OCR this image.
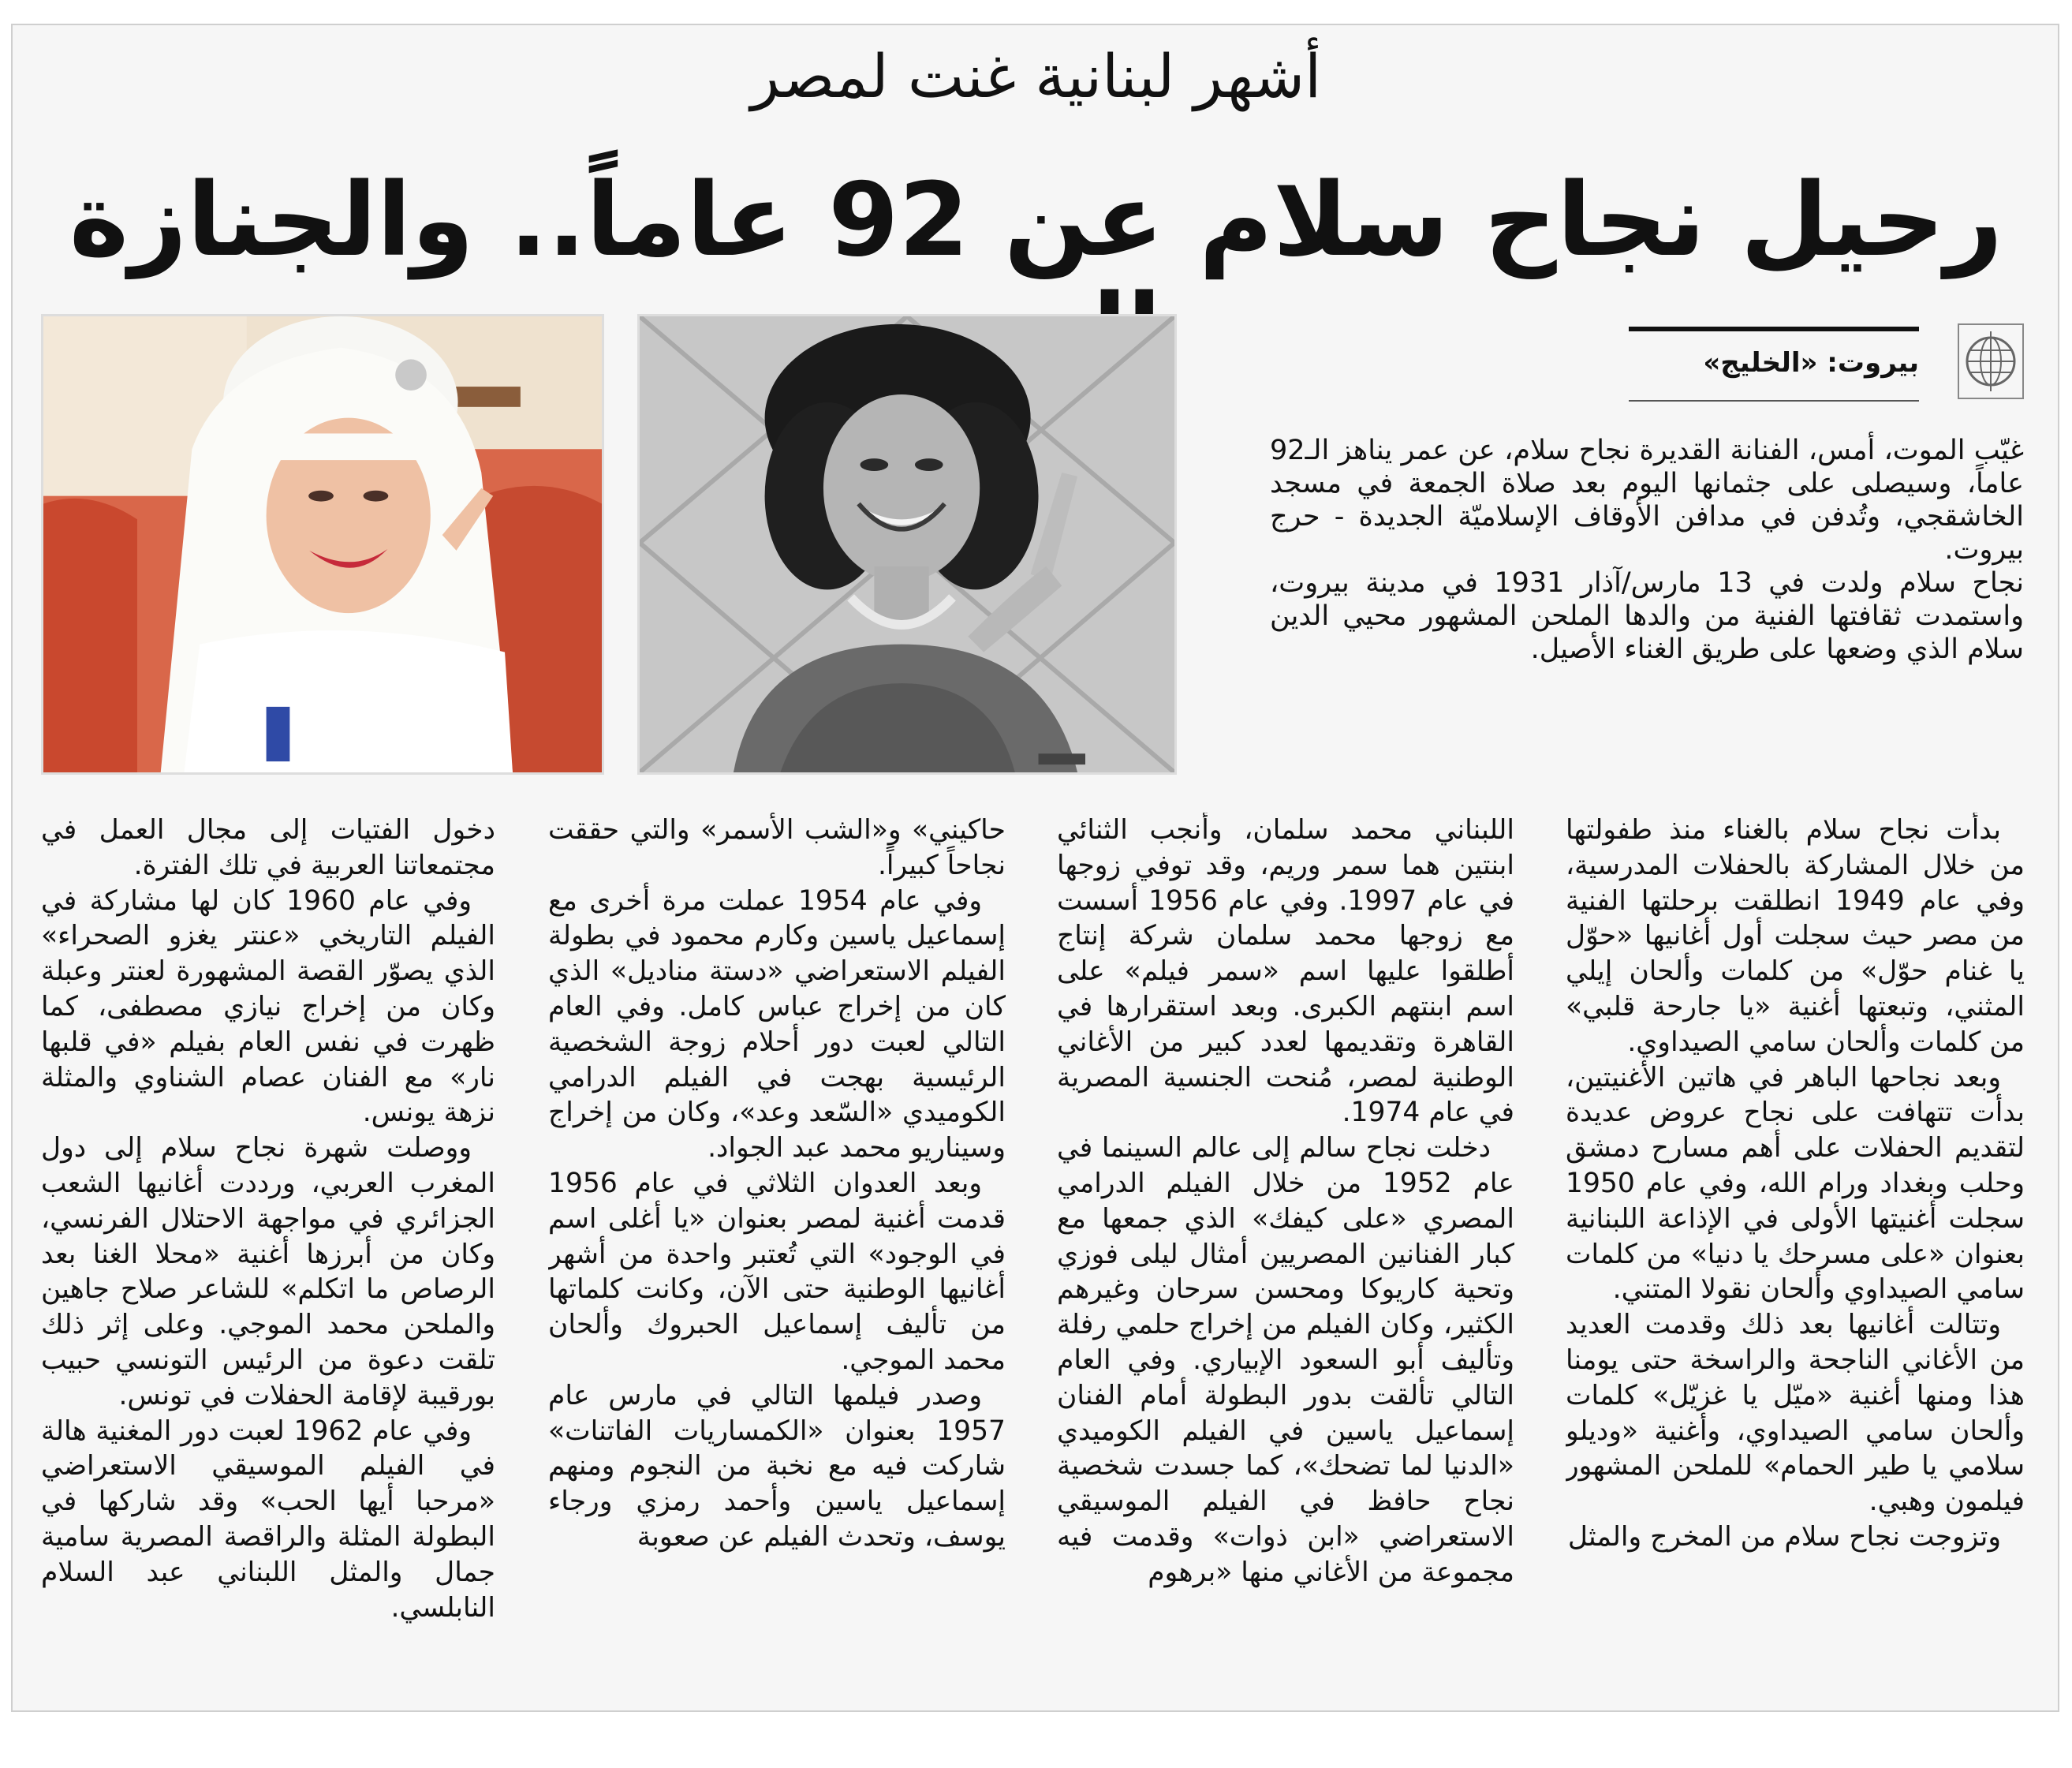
أشهر لبنانية غنت لمصر
رحيل نجاح سلام عن 92 عاماً.. والجنازة
بيروت: «الخليج»

غيّب الموت، أمس، الفنانة القديرة نجاح سلام، عن عمر يناهز الـ92 عاماً، وسيصلى على جثمانها اليوم بعد صلاة الجمعة في مسجد الخاشقجي، وتُدفن في مدافن الأوقاف الإسلاميّة الجديدة - حرج بيروت.

نجاح سلام ولدت في 13 مارس/آذار 1931 في مدينة بيروت، واستمدت ثقافتها الفنية من والدها الملحن المشهور محيي الدين سلام الذي وضعها على طريق الغناء الأصيل.

بدأت نجاح سلام بالغناء منذ طفولتها من خلال المشاركة بالحفلات المدرسية، وفي عام 1949 انطلقت برحلتها الفنية من مصر حيث سجلت أول أغانيها «حوّل يا غنام حوّل» من كلمات وألحان إيلي المثني، وتبعتها أغنية «يا جارحة قلبي» من كلمات وألحان سامي الصيداوي.

وبعد نجاحها الباهر في هاتين الأغنيتين، بدأت تتهافت على نجاح عروض عديدة لتقديم الحفلات على أهم مسارح دمشق وحلب وبغداد ورام الله، وفي عام 1950 سجلت أغنيتها الأولى في الإذاعة اللبنانية بعنوان «على مسرحك يا دنيا» من كلمات سامي الصيداوي وألحان نقولا المتني.

وتتالت أغانيها بعد ذلك وقدمت العديد من الأغاني الناجحة والراسخة حتى يومنا هذا ومنها أغنية «ميّل يا غزيّل» كلمات وألحان سامي الصيداوي، وأغنية «وديلو سلامي يا طير الحمام» للملحن المشهور فيلمون وهبي.

وتزوجت نجاح سلام من المخرج والمثل

اللبناني محمد سلمان، وأنجب الثنائي ابنتين هما سمر وريم، وقد توفي زوجها في عام 1997. وفي عام 1956 أسست مع زوجها محمد سلمان شركة إنتاج أطلقوا عليها اسم «سمر فيلم» على اسم ابنتهم الكبرى. وبعد استقرارها في القاهرة وتقديمها لعدد كبير من الأغاني الوطنية لمصر، مُنحت الجنسية المصرية في عام 1974.

دخلت نجاح سالم إلى عالم السينما في عام 1952 من خلال الفيلم الدرامي المصري «على كيفك» الذي جمعها مع كبار الفنانين المصريين أمثال ليلى فوزي وتحية كاريوكا ومحسن سرحان وغيرهم الكثير، وكان الفيلم من إخراج حلمي رفلة وتأليف أبو السعود الإبياري. وفي العام التالي تألقت بدور البطولة أمام الفنان إسماعيل ياسين في الفيلم الكوميدي «الدنيا لما تضحك»، كما جسدت شخصية نجاح حافظ في الفيلم الموسيقي الاستعراضي «ابن ذوات» وقدمت فيه مجموعة من الأغاني منها «برهوم

حاكيني» و«الشب الأسمر» والتي حققت نجاحاً كبيراً.

وفي عام 1954 عملت مرة أخرى مع إسماعيل ياسين وكارم محمود في بطولة الفيلم الاستعراضي «دستة مناديل» الذي كان من إخراج عباس كامل. وفي العام التالي لعبت دور أحلام زوجة الشخصية الرئيسية بهجت في الفيلم الدرامي الكوميدي «السّعد وعد»، وكان من إخراج وسيناريو محمد عبد الجواد.

وبعد العدوان الثلاثي في عام 1956 قدمت أغنية لمصر بعنوان «يا أغلى اسم في الوجود» التي تُعتبر واحدة من أشهر أغانيها الوطنية حتى الآن، وكانت كلماتها من تأليف إسماعيل الحبروك وألحان محمد الموجي.

وصدر فيلمها التالي في مارس عام 1957 بعنوان «الكمساريات الفاتنات» شاركت فيه مع نخبة من النجوم ومنهم إسماعيل ياسين وأحمد رمزي ورجاء يوسف، وتحدث الفيلم عن صعوبة

دخول الفتيات إلى مجال العمل في مجتمعاتنا العربية في تلك الفترة.

وفي عام 1960 كان لها مشاركة في الفيلم التاريخي «عنتر يغزو الصحراء» الذي يصوّر القصة المشهورة لعنتر وعبلة وكان من إخراج نيازي مصطفى، كما ظهرت في نفس العام بفيلم «في قلبها نار» مع الفنان عصام الشناوي والمثلة نزهة يونس.

ووصلت شهرة نجاح سلام إلى دول المغرب العربي، ورددت أغانيها الشعب الجزائري في مواجهة الاحتلال الفرنسي، وكان من أبرزها أغنية «محلا الغنا بعد الرصاص ما اتكلم» للشاعر صلاح جاهين والملحن محمد الموجي. وعلى إثر ذلك تلقت دعوة من الرئيس التونسي حبيب بورقيبة لإقامة الحفلات في تونس.

وفي عام 1962 لعبت دور المغنية هالة في الفيلم الموسيقي الاستعراضي «مرحبا أيها الحب» وقد شاركها في البطولة المثلة والراقصة المصرية سامية جمال والمثل اللبناني عبد السلام النابلسي.
